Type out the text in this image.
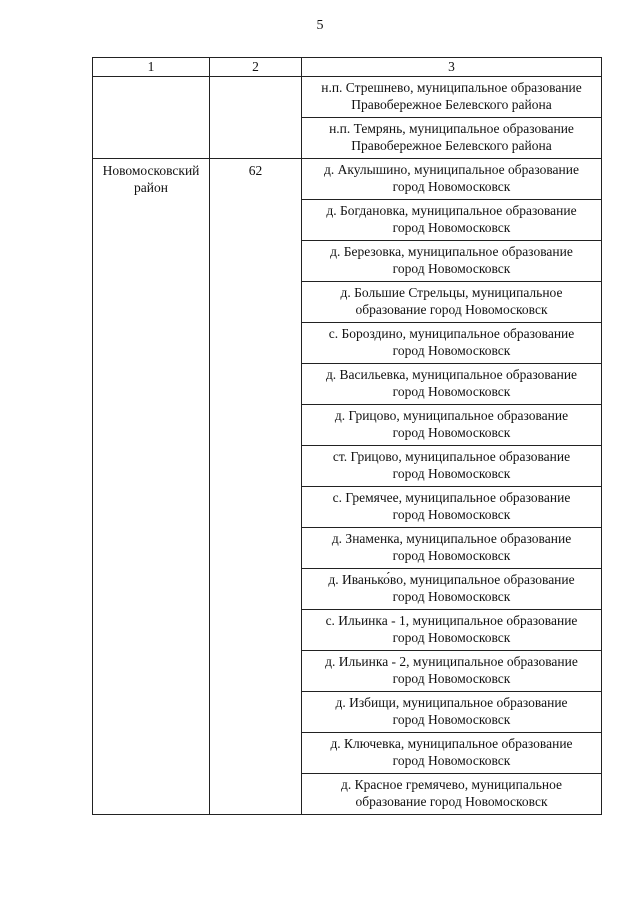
5
1	2	3

		н.п. Стрешнево, муниципальное образование
Правобережное Белевского района

		н.п. Темрянь, муниципальное образование
Правобережное Белевского района

Новомосковский
район	62	д. Акулышино, муниципальное образование
город Новомосковск

		д. Богдановка, муниципальное образование
город Новомосковск

		д. Березовка, муниципальное образование
город Новомосковск

		д. Большие Стрельцы, муниципальное
образование город Новомосковск

		с. Бороздино, муниципальное образование
город Новомосковск

		д. Васильевка, муниципальное образование
город Новомосковск

		д. Грицово, муниципальное образование
город Новомосковск

		ст. Грицово, муниципальное образование
город Новомосковск

		с. Гремячее, муниципальное образование
город Новомосковск

		д. Знаменка, муниципальное образование
город Новомосковск

		д. Иванько́во, муниципальное образование
город Новомосковск

		с. Ильинка - 1, муниципальное образование
город Новомосковск

		д. Ильинка - 2, муниципальное образование
город Новомосковск

		д. Избищи, муниципальное образование
город Новомосковск

		д. Ключевка, муниципальное образование
город Новомосковск

		д. Красное гремячево, муниципальное
образование город Новомосковск
